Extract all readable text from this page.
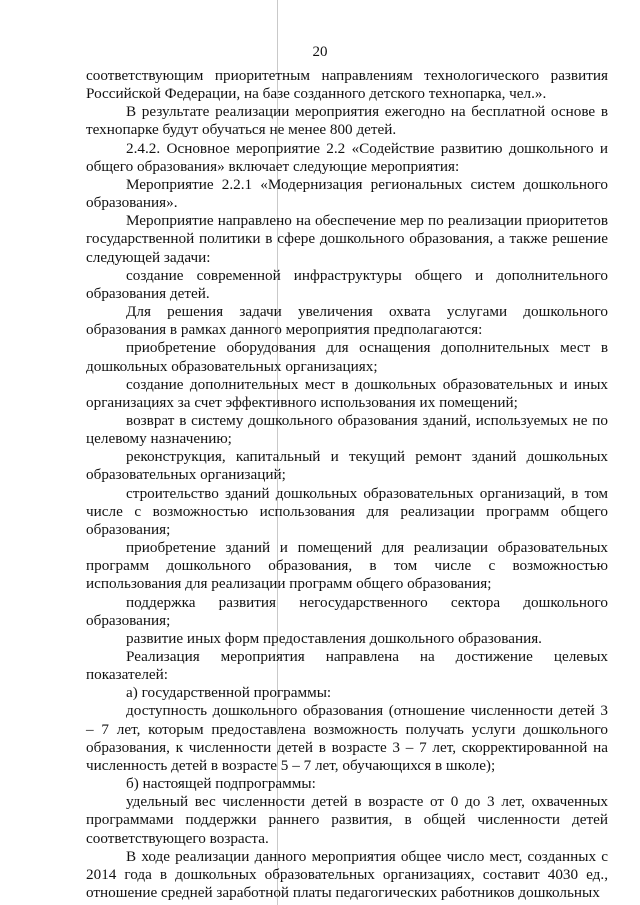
20

соответствующим приоритетным направлениям технологического развития Российской Федерации, на базе созданного детского технопарка, чел.».

В результате реализации мероприятия ежегодно на бесплатной основе в технопарке будут обучаться не менее 800 детей.

2.4.2. Основное мероприятие 2.2 «Содействие развитию дошкольного и общего образования» включает следующие мероприятия:

Мероприятие 2.2.1 «Модернизация региональных систем дошкольного образования».

Мероприятие направлено на обеспечение мер по реализации приоритетов государственной политики в сфере дошкольного образования, а также решение следующей задачи:

создание современной инфраструктуры общего и дополнительного образования детей.

Для решения задачи увеличения охвата услугами дошкольного образования в рамках данного мероприятия предполагаются:

приобретение оборудования для оснащения дополнительных мест в дошкольных образовательных организациях;

создание дополнительных мест в дошкольных образовательных и иных организациях за счет эффективного использования их помещений;

возврат в систему дошкольного образования зданий, используемых не по целевому назначению;

реконструкция, капитальный и текущий ремонт зданий дошкольных образовательных организаций;

строительство зданий дошкольных образовательных организаций, в том числе с возможностью использования для реализации программ общего образования;

приобретение зданий и помещений для реализации образовательных программ дошкольного образования, в том числе с возможностью использования для реализации программ общего образования;

поддержка развития негосударственного сектора дошкольного образования;

развитие иных форм предоставления дошкольного образования.

Реализация мероприятия направлена на достижение целевых показателей:

а) государственной программы:

доступность дошкольного образования (отношение численности детей 3 – 7 лет, которым предоставлена возможность получать услуги дошкольного образования, к численности детей в возрасте 3 – 7 лет, скорректированной на численность детей в возрасте 5 – 7 лет, обучающихся в школе);

б) настоящей подпрограммы:

удельный вес численности детей в возрасте от 0 до 3 лет, охваченных программами поддержки раннего развития, в общей численности детей соответствующего возраста.

В ходе реализации данного мероприятия общее число мест, созданных с 2014 года в дошкольных образовательных организациях, составит 4030 ед., отношение средней заработной платы педагогических работников дошкольных
